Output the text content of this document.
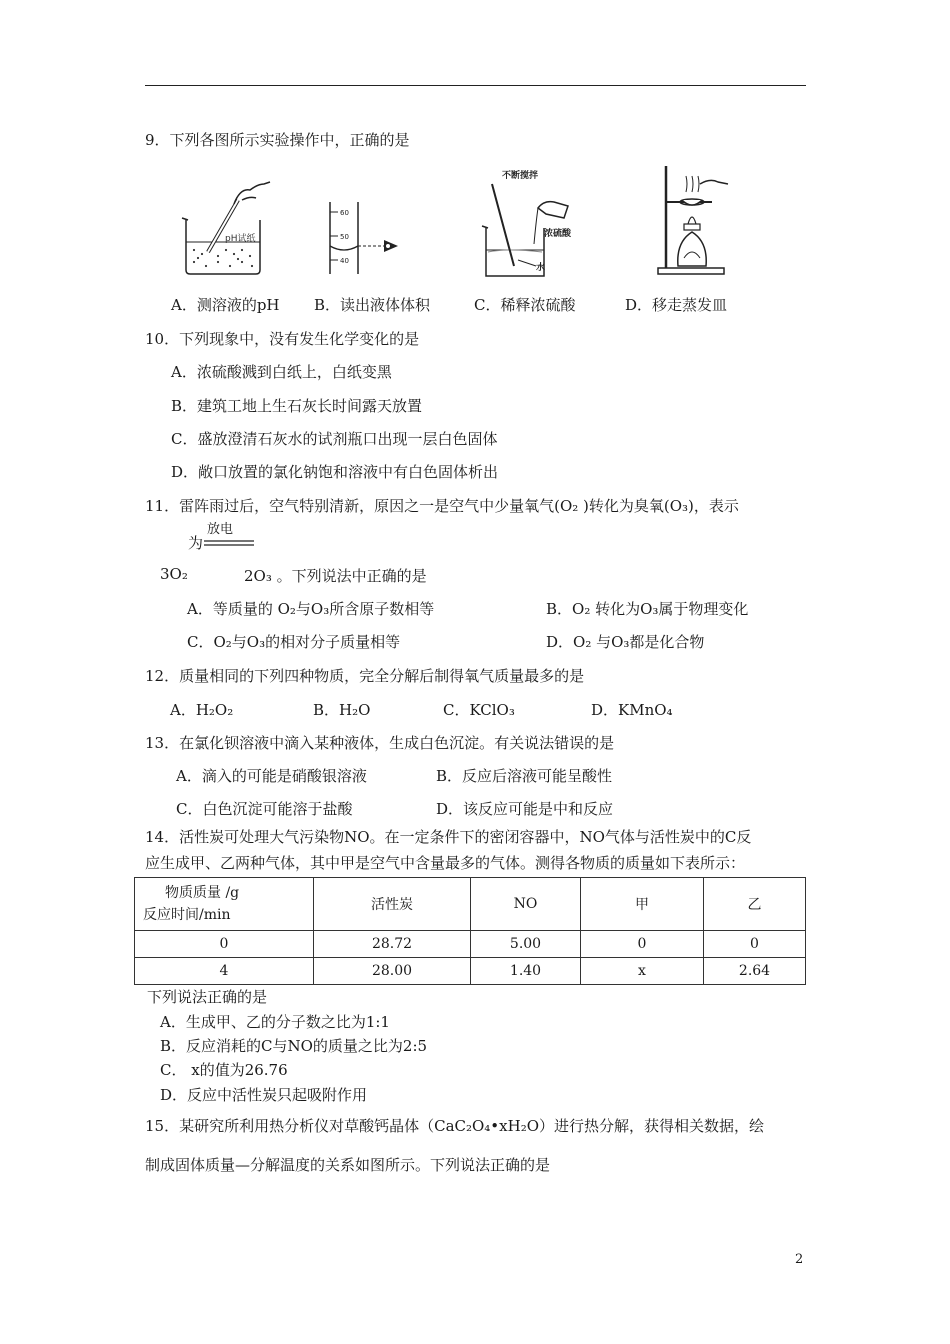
9．下列各图所示实验操作中，正确的是
pH试纸
60
50
40
不断搅拌
浓硫酸
水
A．测溶液的pH B．读出液体体积	C．稀释浓硫酸	D．移走蒸发皿
10．下列现象中，没有发生化学变化的是
A．浓硫酸溅到白纸上，白纸变黑
B．建筑工地上生石灰长时间露天放置
C．盛放澄清石灰水的试剂瓶口出现一层白色固体
D．敞口放置的氯化钠饱和溶液中有白色固体析出
11．雷阵雨过后，空气特别清新，原因之一是空气中少量氧气(O₂ )转化为臭氧(O₃)，表示
为
放电
3O₂	2O₃ 。下列说法中正确的是
A．等质量的 O₂与O₃所含原子数相等	B．O₂ 转化为O₃属于物理变化
C．O₂与O₃的相对分子质量相等	D．O₂ 与O₃都是化合物
12．质量相同的下列四种物质，完全分解后制得氧气质量最多的是
A．H₂O₂	B．H₂O	C．KClO₃	D．KMnO₄
13．在氯化钡溶液中滴入某种液体，生成白色沉淀。有关说法错误的是
A．滴入的可能是硝酸银溶液	B．反应后溶液可能呈酸性
C．白色沉淀可能溶于盐酸	D．该反应可能是中和反应
14．活性炭可处理大气污染物NO。在一定条件下的密闭容器中，NO气体与活性炭中的C反
应生成甲、乙两种气体，其中甲是空气中含量最多的气体。测得各物质的质量如下表所示：
物质质量 /g
反应时间/min	活性炭	NO	甲	乙
0	28.72	5.00	0	0
4	28.00	1.40	x	2.64
下列说法正确的是
A．生成甲、乙的分子数之比为1:1
B．反应消耗的C与NO的质量之比为2:5
C． x的值为26.76
D．反应中活性炭只起吸附作用
15．某研究所利用热分析仪对草酸钙晶体（CaC₂O₄•xH₂O）进行热分解，获得相关数据，绘
制成固体质量—分解温度的关系如图所示。下列说法正确的是
2
